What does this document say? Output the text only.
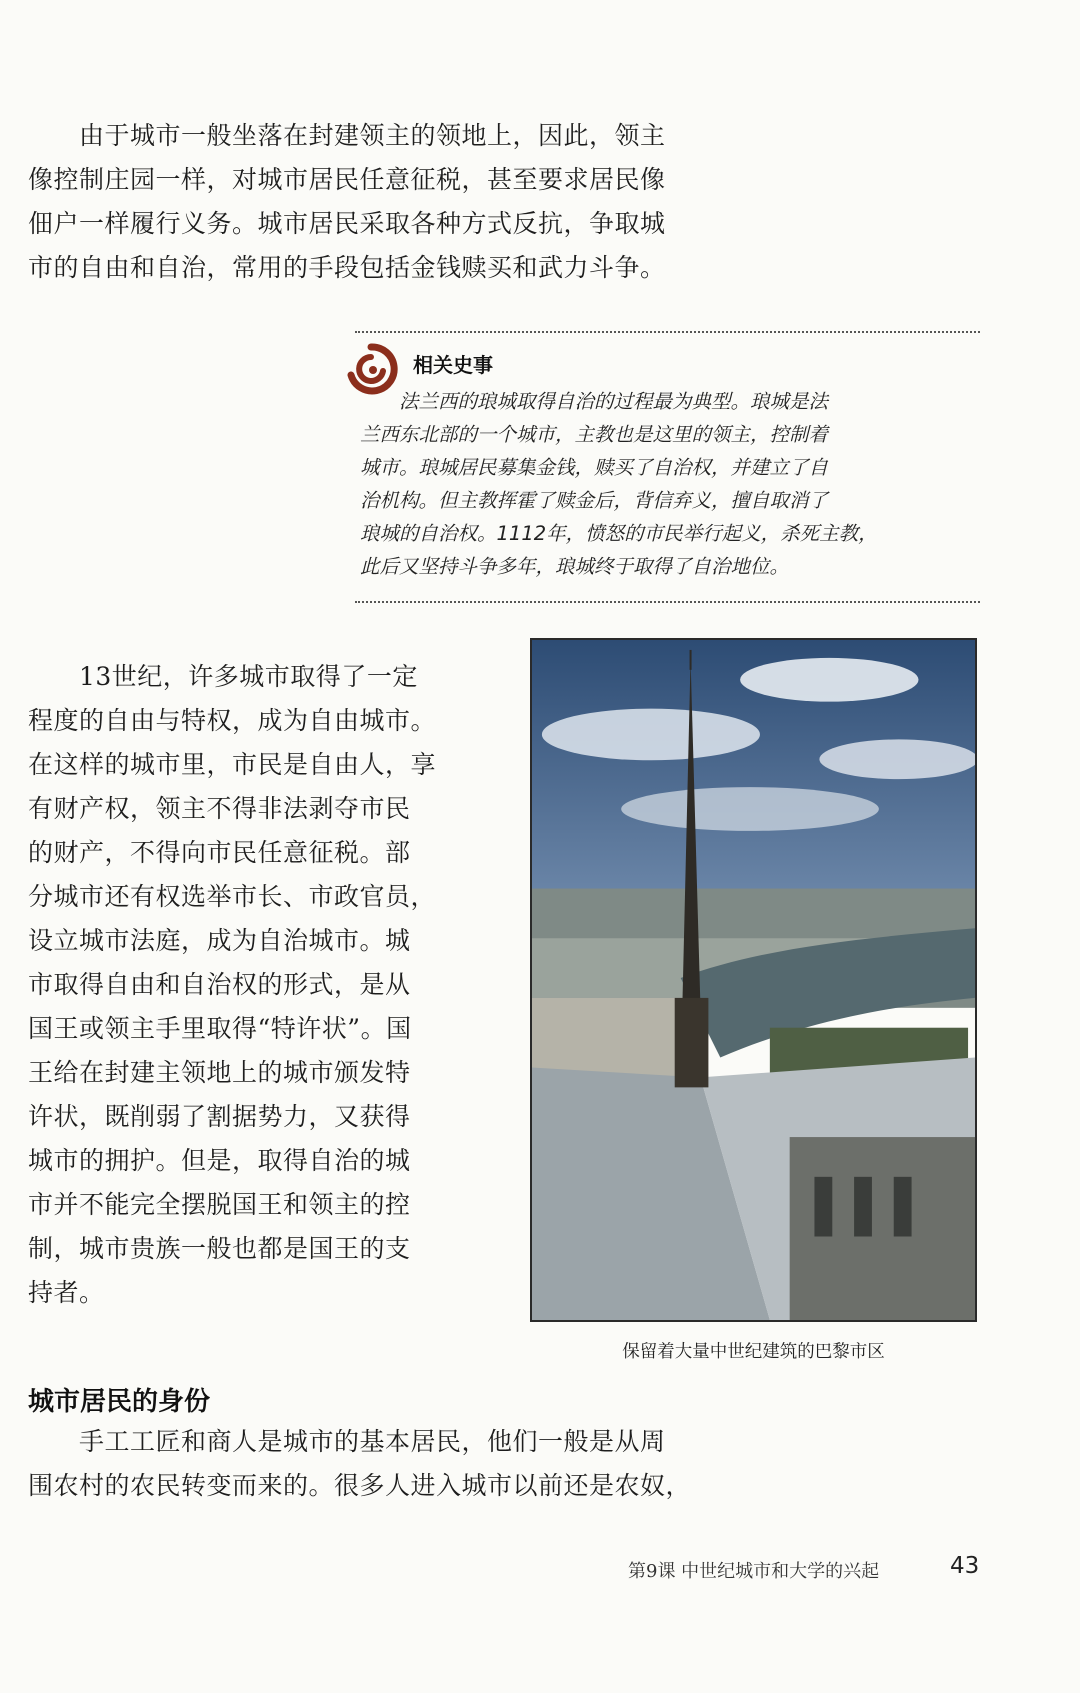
　　由于城市一般坐落在封建领主的领地上，因此，领主
像控制庄园一样，对城市居民任意征税，甚至要求居民像
佃户一样履行义务。城市居民采取各种方式反抗，争取城
市的自由和自治，常用的手段包括金钱赎买和武力斗争。

相关史事
　　法兰西的琅城取得自治的过程最为典型。琅城是法
兰西东北部的一个城市，主教也是这里的领主，控制着
城市。琅城居民募集金钱，赎买了自治权，并建立了自
治机构。但主教挥霍了赎金后，背信弃义，擅自取消了
琅城的自治权。1112年，愤怒的市民举行起义，杀死主教，
此后又坚持斗争多年，琅城终于取得了自治地位。

　　13世纪，许多城市取得了一定
程度的自由与特权，成为自由城市。
在这样的城市里，市民是自由人，享
有财产权，领主不得非法剥夺市民
的财产，不得向市民任意征税。部
分城市还有权选举市长、市政官员，
设立城市法庭，成为自治城市。城
市取得自由和自治权的形式，是从
国王或领主手里取得“特许状”。国
王给在封建主领地上的城市颁发特
许状，既削弱了割据势力，又获得
城市的拥护。但是，取得自治的城
市并不能完全摆脱国王和领主的控
制，城市贵族一般也都是国王的支
持者。

保留着大量中世纪建筑的巴黎市区
城市居民的身份

　　手工工匠和商人是城市的基本居民，他们一般是从周
围农村的农民转变而来的。很多人进入城市以前还是农奴，

第9课 中世纪城市和大学的兴起	43
